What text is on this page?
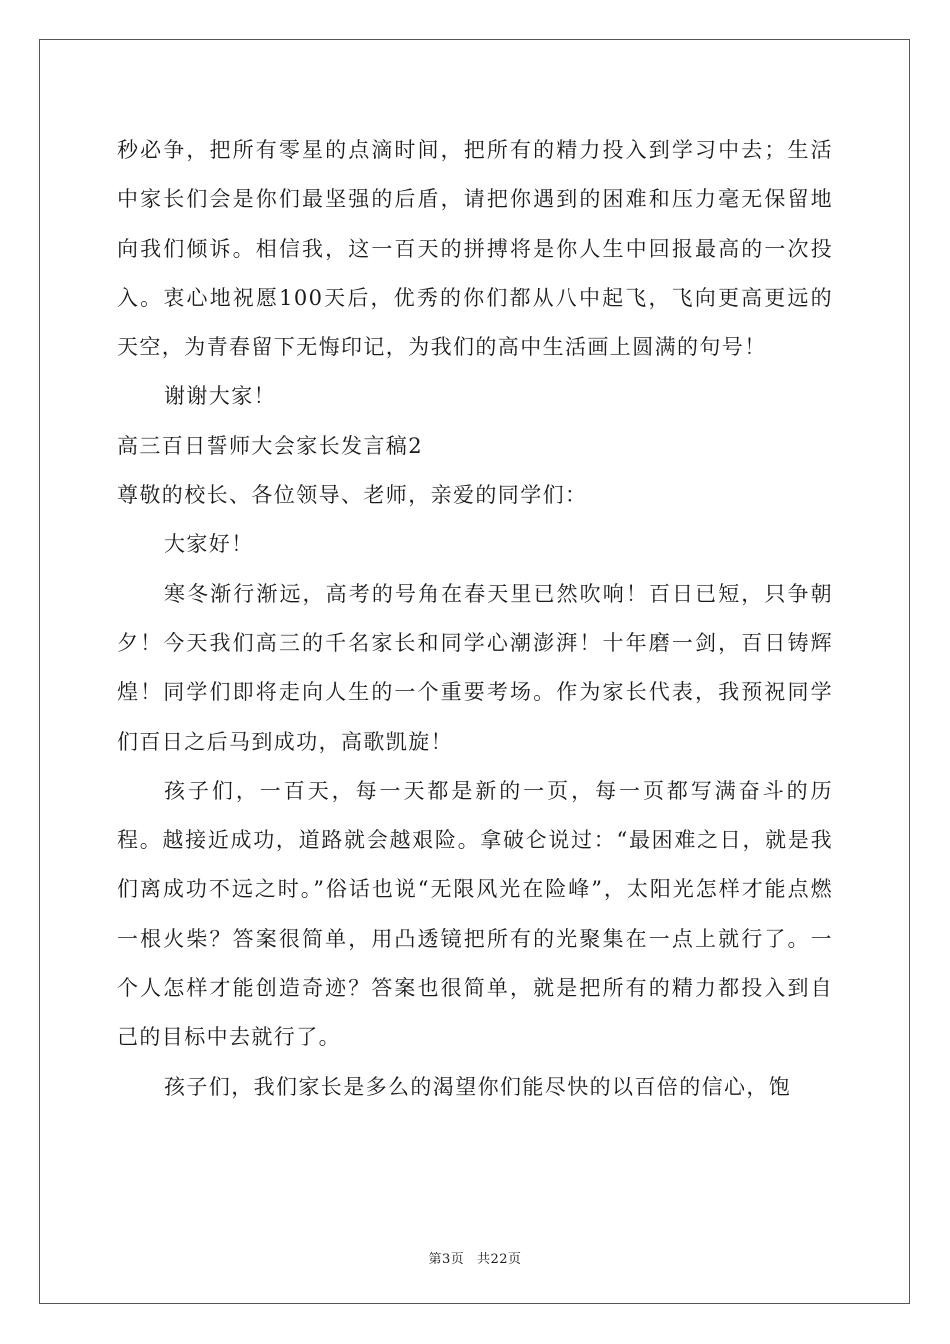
秒必争，把所有零星的点滴时间，把所有的精力投入到学习中去；生活中家长们会是你们最坚强的后盾，请把你遇到的困难和压力毫无保留地向我们倾诉。相信我，这一百天的拼搏将是你人生中回报最高的一次投入。衷心地祝愿100天后，优秀的你们都从八中起飞，飞向更高更远的天空，为青春留下无悔印记，为我们的高中生活画上圆满的句号！

谢谢大家！

高三百日誓师大会家长发言稿2

尊敬的校长、各位领导、老师，亲爱的同学们：

大家好！

寒冬渐行渐远，高考的号角在春天里已然吹响！百日已短，只争朝夕！今天我们高三的千名家长和同学心潮澎湃！十年磨一剑，百日铸辉煌！同学们即将走向人生的一个重要考场。作为家长代表，我预祝同学们百日之后马到成功，高歌凯旋！

孩子们，一百天，每一天都是新的一页，每一页都写满奋斗的历程。越接近成功，道路就会越艰险。拿破仑说过：“最困难之日，就是我们离成功不远之时。”俗话也说“无限风光在险峰”，太阳光怎样才能点燃一根火柴？答案很简单，用凸透镜把所有的光聚集在一点上就行了。一个人怎样才能创造奇迹？答案也很简单，就是把所有的精力都投入到自己的目标中去就行了。

孩子们，我们家长是多么的渴望你们能尽快的以百倍的信心，饱

第3页 共22页
